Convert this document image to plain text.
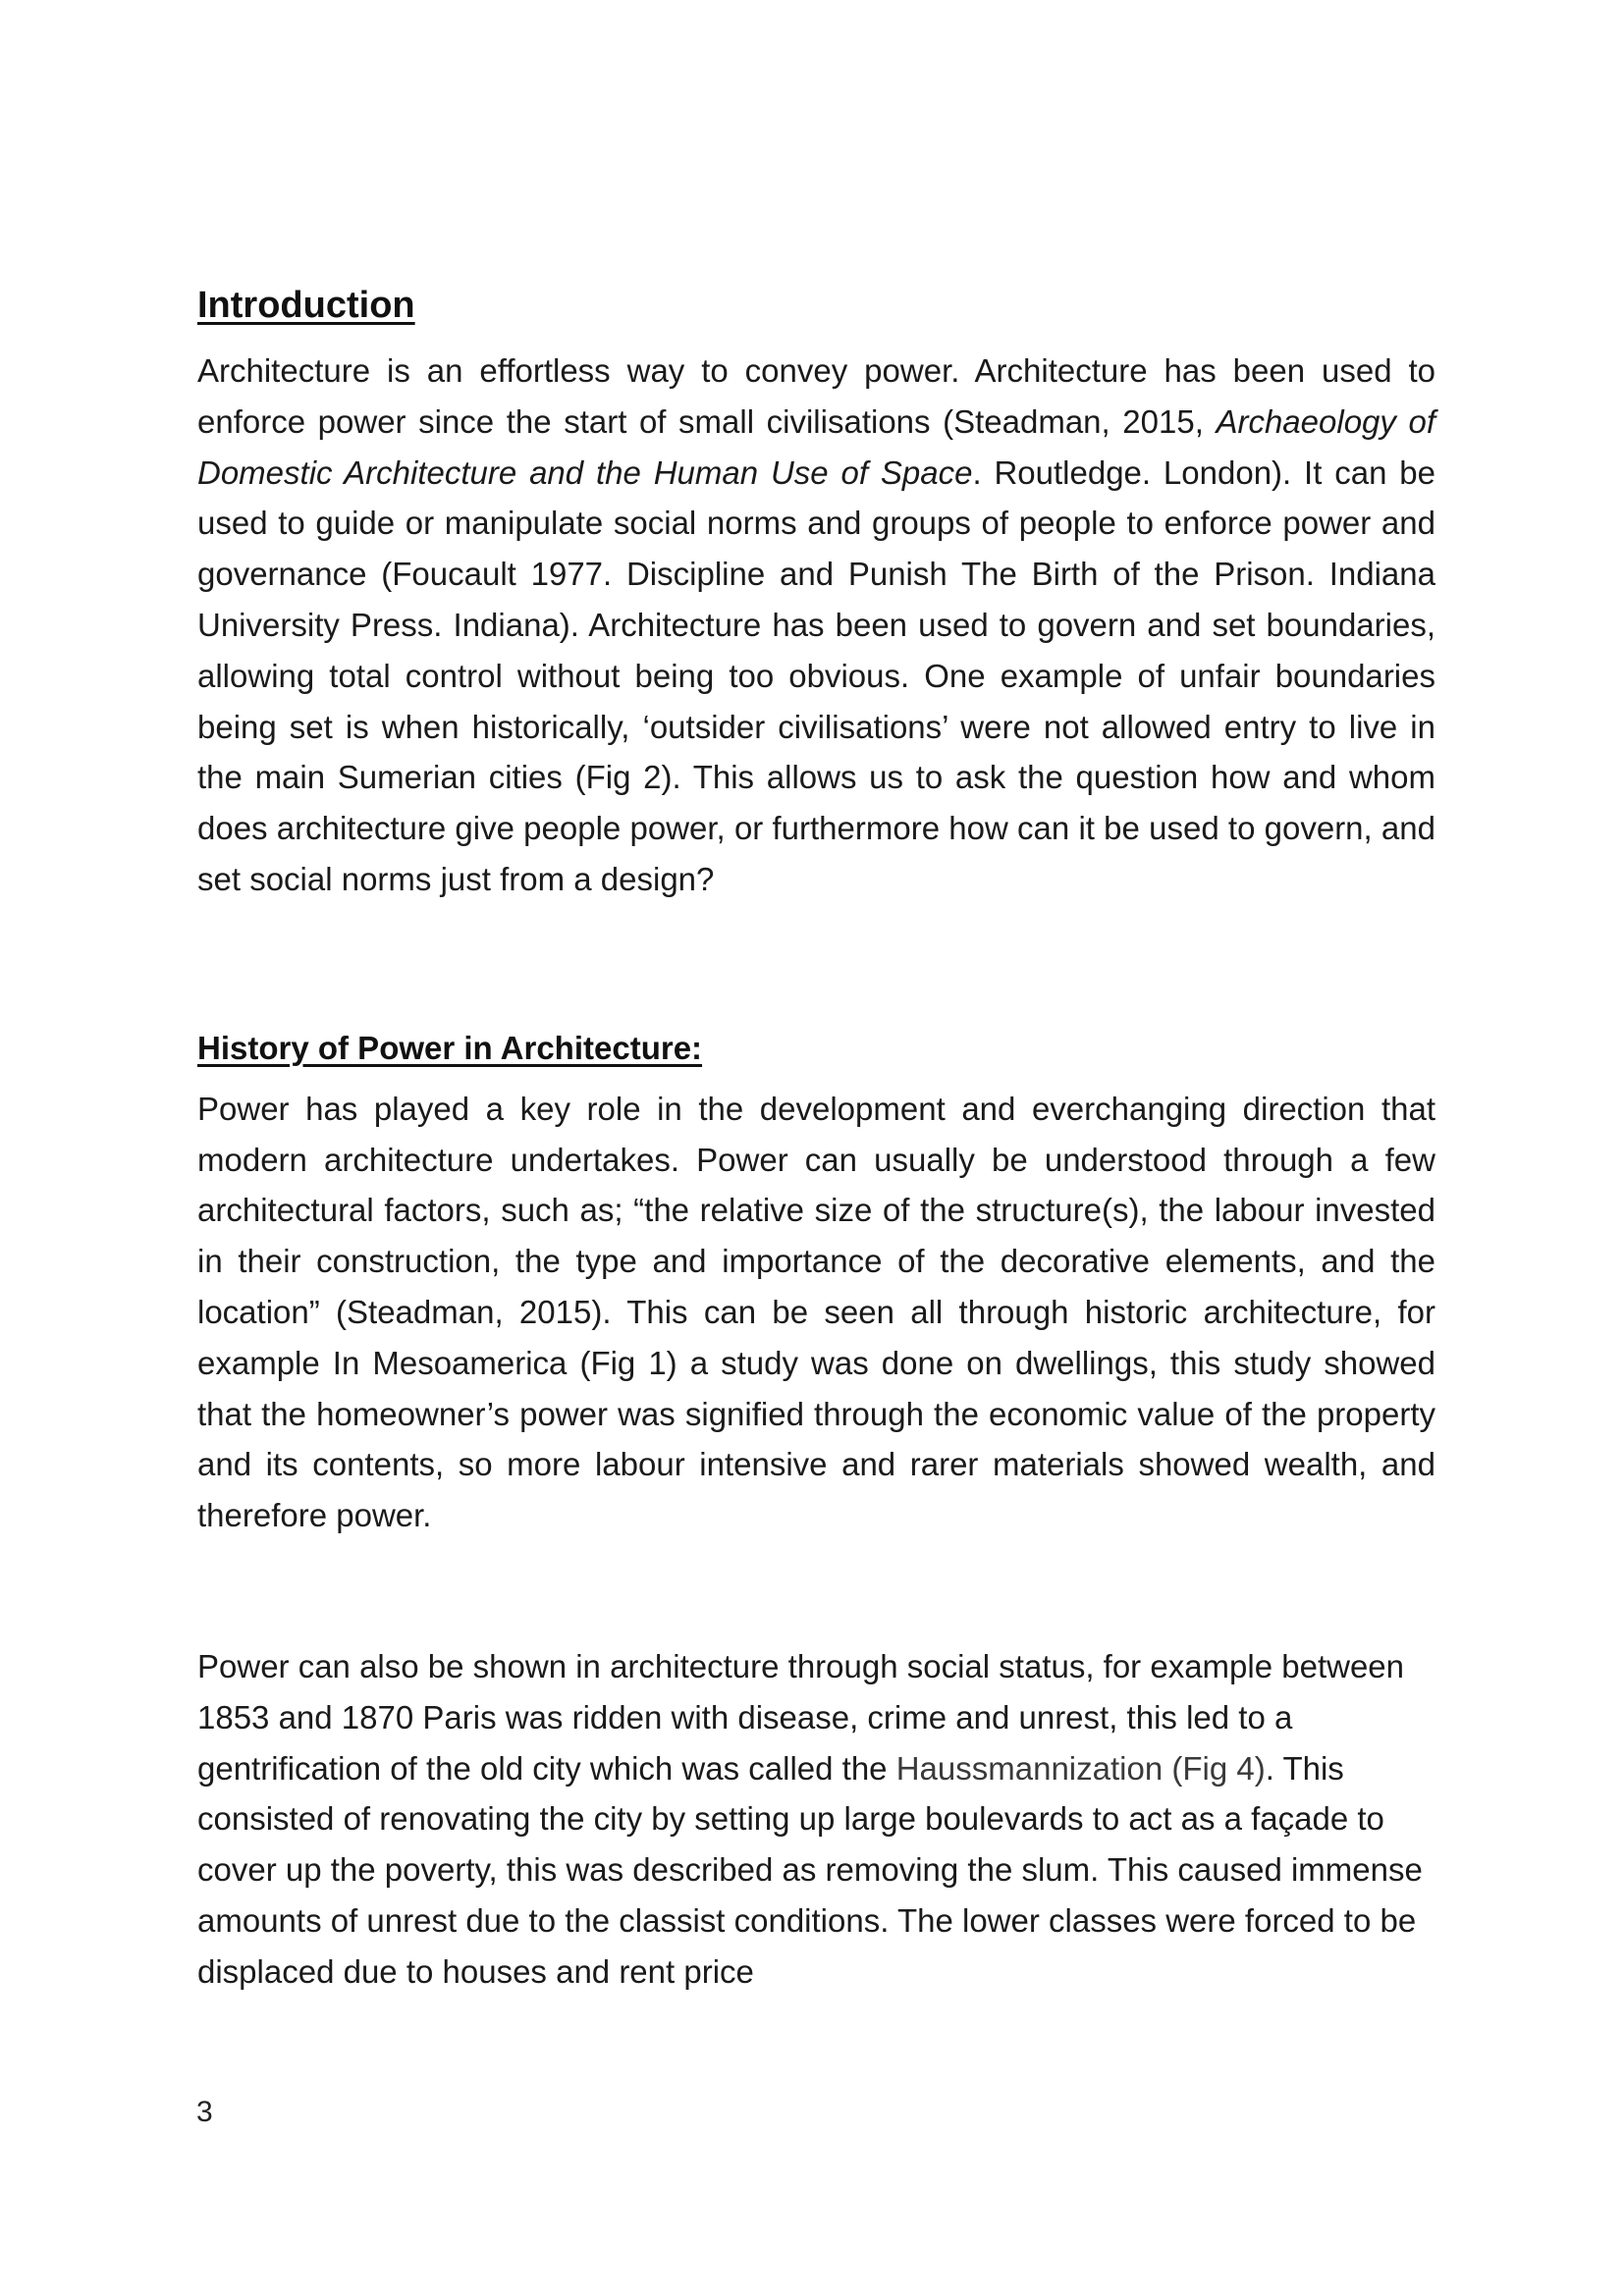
Introduction

Architecture is an effortless way to convey power. Architecture has been used to enforce power since the start of small civilisations (Steadman, 2015, Archaeology of Domestic Architecture and the Human Use of Space. Routledge. London). It can be used to guide or manipulate social norms and groups of people to enforce power and governance (Foucault 1977. Discipline and Punish The Birth of the Prison. Indiana University Press. Indiana). Architecture has been used to govern and set boundaries, allowing total control without being too obvious. One example of unfair boundaries being set is when historically, ‘outsider civilisations’ were not allowed entry to live in the main Sumerian cities (Fig 2). This allows us to ask the question how and whom does architecture give people power, or furthermore how can it be used to govern, and set social norms just from a design?

History of Power in Architecture:

Power has played a key role in the development and everchanging direction that modern architecture undertakes. Power can usually be understood through a few architectural factors, such as; “the relative size of the structure(s), the labour invested in their construction, the type and importance of the decorative elements, and the location” (Steadman, 2015). This can be seen all through historic architecture, for example In Mesoamerica (Fig 1) a study was done on dwellings, this study showed that the homeowner’s power was signified through the economic value of the property and its contents, so more labour intensive and rarer materials showed wealth, and therefore power.

Power can also be shown in architecture through social status, for example between 1853 and 1870 Paris was ridden with disease, crime and unrest, this led to a gentrification of the old city which was called the Haussmannization (Fig 4). This consisted of renovating the city by setting up large boulevards to act as a façade to cover up the poverty, this was described as removing the slum. This caused immense amounts of unrest due to the classist conditions. The lower classes were forced to be displaced due to houses and rent price

3
